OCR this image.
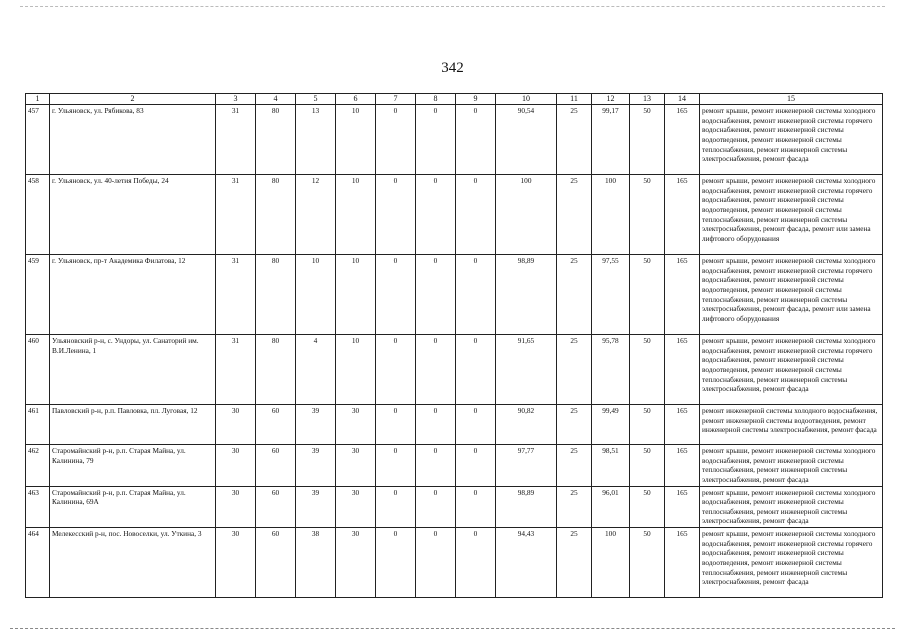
342
1	2	3	4	5	6	7	8	9	10	11	12	13	14	15
457	г. Ульяновск, ул. Рябикова, 83	31	80	13	10	0	0	0	90,54	25	99,17	50	165	ремонт крыши, ремонт инженерной системы холодного водоснабжения, ремонт инженерной системы горячего водоснабжения, ремонт инженерной системы водоотведения, ремонт инженерной системы теплоснабжения, ремонт инженерной системы электроснабжения, ремонт фасада
458	г. Ульяновск, ул. 40-летия Победы, 24	31	80	12	10	0	0	0	100	25	100	50	165	ремонт крыши, ремонт инженерной системы холодного водоснабжения, ремонт инженерной системы горячего водоснабжения, ремонт инженерной системы водоотведения, ремонт инженерной системы теплоснабжения, ремонт инженерной системы электроснабжения, ремонт фасада, ремонт или замена лифтового оборудования
459	г. Ульяновск, пр-т Академика Филатова, 12	31	80	10	10	0	0	0	98,89	25	97,55	50	165	ремонт крыши, ремонт инженерной системы холодного водоснабжения, ремонт инженерной системы горячего водоснабжения, ремонт инженерной системы водоотведения, ремонт инженерной системы теплоснабжения, ремонт инженерной системы электроснабжения, ремонт фасада, ремонт или замена лифтового оборудования
460	Ульяновский р-н, с. Ундоры, ул. Санаторий им. В.И.Ленина, 1	31	80	4	10	0	0	0	91,65	25	95,78	50	165	ремонт крыши, ремонт инженерной системы холодного водоснабжения, ремонт инженерной системы горячего водоснабжения, ремонт инженерной системы водоотведения, ремонт инженерной системы теплоснабжения, ремонт инженерной системы электроснабжения, ремонт фасада
461	Павловский р-н, р.п. Павловка, пл. Луговая, 12	30	60	39	30	0	0	0	90,82	25	99,49	50	165	ремонт инженерной системы холодного водоснабжения, ремонт инженерной системы водоотведения, ремонт инженерной системы электроснабжения, ремонт фасада
462	Старомайнский р-н, р.п. Старая Майна, ул. Калинина, 79	30	60	39	30	0	0	0	97,77	25	98,51	50	165	ремонт крыши, ремонт инженерной системы холодного водоснабжения, ремонт инженерной системы теплоснабжения, ремонт инженерной системы электроснабжения, ремонт фасада
463	Старомайнский р-н, р.п. Старая Майна, ул. Калинина, 69А	30	60	39	30	0	0	0	98,89	25	96,01	50	165	ремонт крыши, ремонт инженерной системы холодного водоснабжения, ремонт инженерной системы теплоснабжения, ремонт инженерной системы электроснабжения, ремонт фасада
464	Мелекесский р-н, пос. Новоселки, ул. Уткина, 3	30	60	38	30	0	0	0	94,43	25	100	50	165	ремонт крыши, ремонт инженерной системы холодного водоснабжения, ремонт инженерной системы горячего водоснабжения, ремонт инженерной системы водоотведения, ремонт инженерной системы теплоснабжения, ремонт инженерной системы электроснабжения, ремонт фасада
